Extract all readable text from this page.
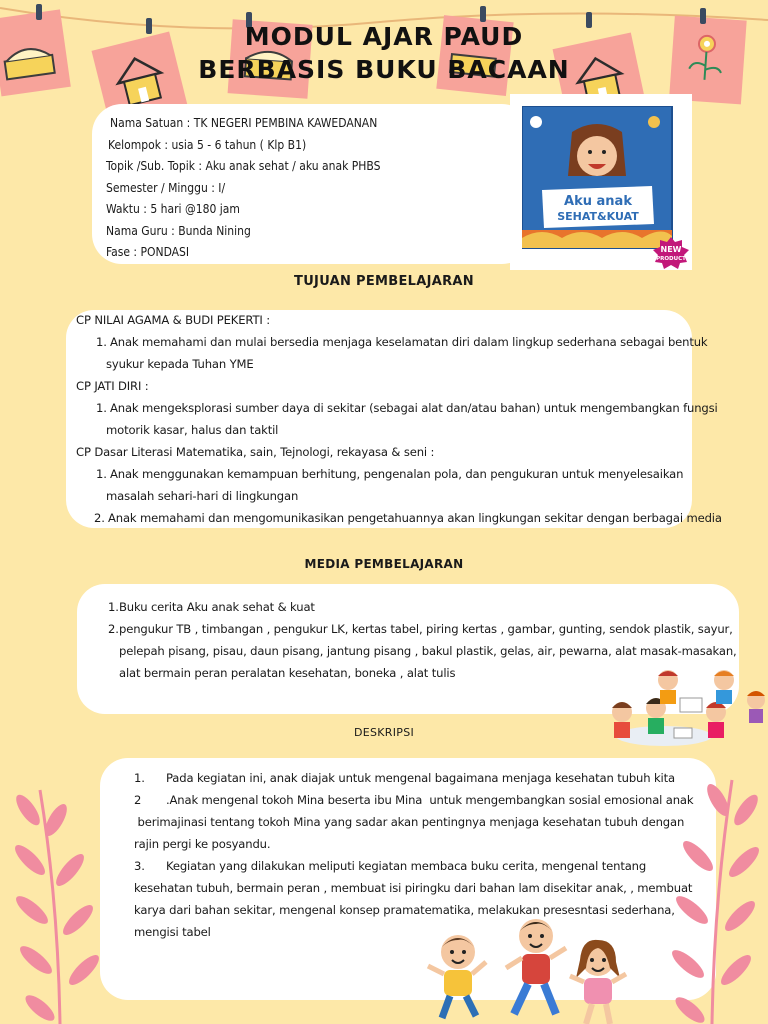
MODUL AJAR PAUD
BERBASIS BUKU BACAAN
Nama Satuan : TK NEGERI PEMBINA KAWEDANAN
Kelompok : usia 5 - 6 tahun ( Klp B1)
Topik /Sub. Topik : Aku anak sehat / aku anak PHBS
Semester / Minggu : I/
Waktu : 5 hari @180 jam
Nama Guru : Bunda Nining
Fase : PONDASI
Aku anak
SEHAT&KUAT
NEW
PRODUCT
TUJUAN PEMBELAJARAN
CP NILAI AGAMA & BUDI PEKERTI :
1. Anak memahami dan mulai bersedia menjaga keselamatan diri dalam lingkup sederhana sebagai bentuk
syukur kepada Tuhan YME
CP JATI DIRI :
1. Anak mengeksplorasi sumber daya di sekitar (sebagai alat dan/atau bahan) untuk mengembangkan fungsi
motorik kasar, halus dan taktil
CP Dasar Literasi Matematika, sain, Tejnologi, rekayasa & seni :
1. Anak menggunakan kemampuan berhitung, pengenalan pola, dan pengukuran untuk menyelesaikan
masalah sehari-hari di lingkungan
2. Anak memahami dan mengomunikasikan pengetahuannya akan lingkungan sekitar dengan berbagai media
MEDIA PEMBELAJARAN
1.Buku cerita Aku anak sehat & kuat
2.pengukur TB , timbangan , pengukur LK, kertas tabel, piring kertas , gambar, gunting, sendok plastik, sayur,
pelepah pisang, pisau, daun pisang, jantung pisang , bakul plastik, gelas, air, pewarna, alat masak-masakan,
alat bermain peran peralatan kesehatan, boneka , alat tulis
DESKRIPSI
1.      Pada kegiatan ini, anak diajak untuk mengenal bagaimana menjaga kesehatan tubuh kita
2       .Anak mengenal tokoh Mina beserta ibu Mina  untuk mengembangkan sosial emosional anak
berimajinasi tentang tokoh Mina yang sadar akan pentingnya menjaga kesehatan tubuh dengan
rajin pergi ke posyandu.
3.      Kegiatan yang dilakukan meliputi kegiatan membaca buku cerita, mengenal tentang
kesehatan tubuh, bermain peran , membuat isi piringku dari bahan lam disekitar anak, , membuat
karya dari bahan sekitar, mengenal konsep pramatematika, melakukan presesntasi sederhana,
mengisi tabel
